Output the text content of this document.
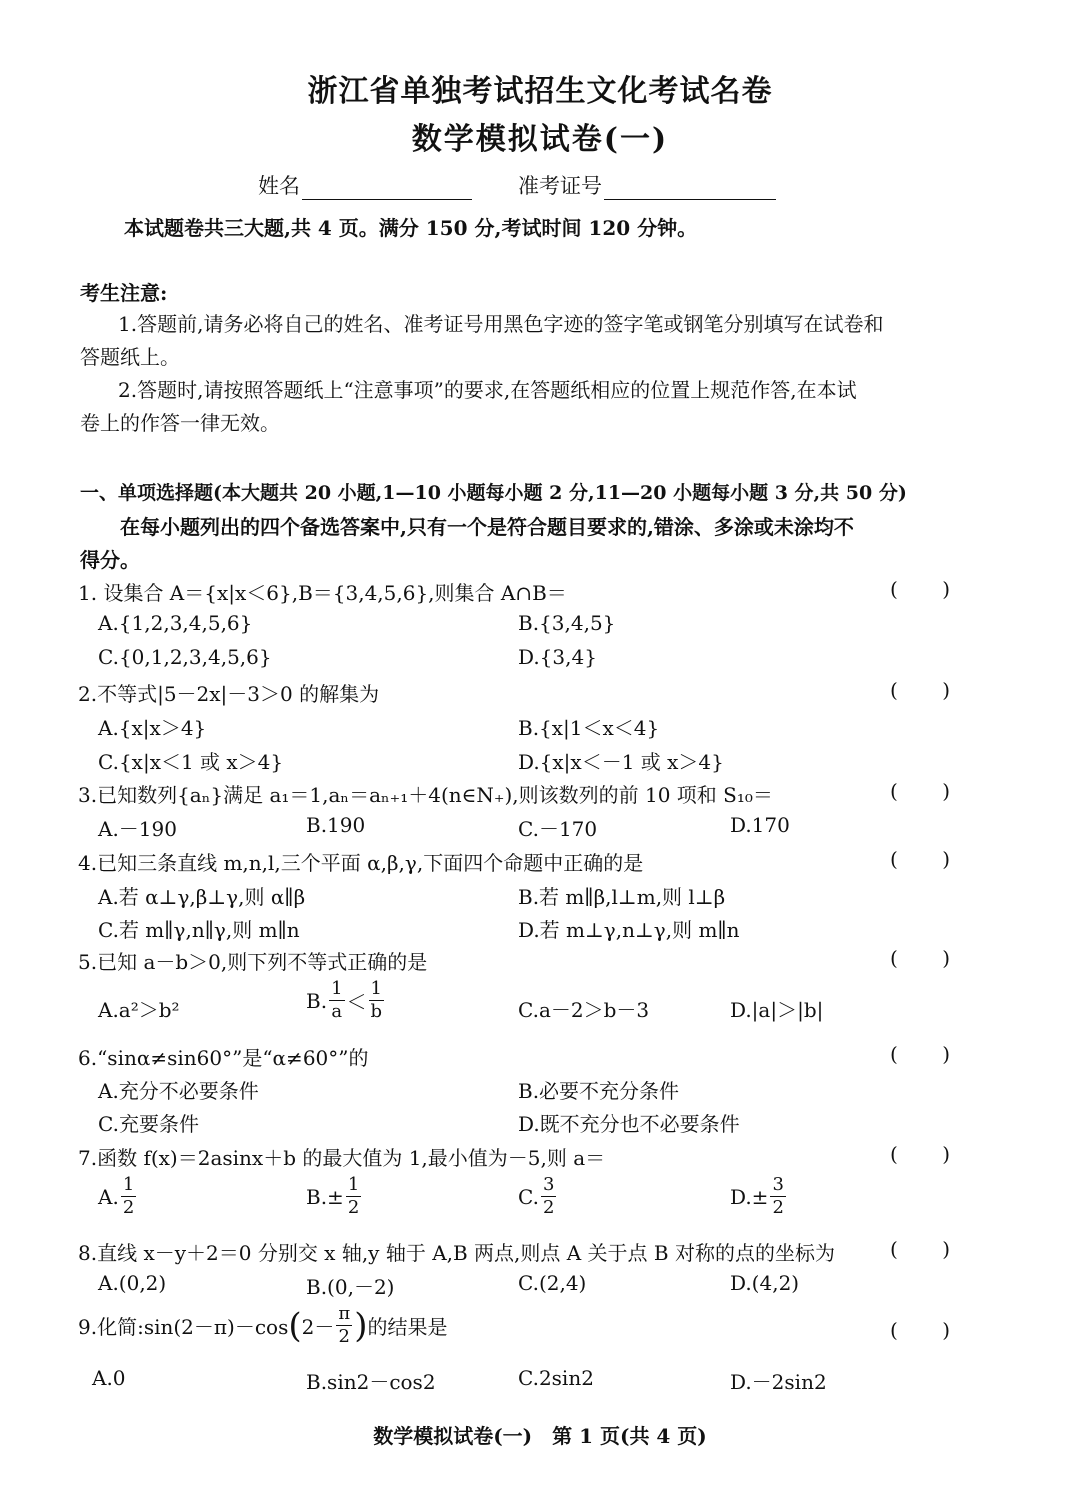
浙江省单独考试招生文化考试名卷
数学模拟试卷(一)
姓名	准考证号
本试题卷共三大题,共 4 页。满分 150 分,考试时间 120 分钟。
考生注意:
1.答题前,请务必将自己的姓名、准考证号用黑色字迹的签字笔或钢笔分别填写在试卷和
答题纸上。
2.答题时,请按照答题纸上“注意事项”的要求,在答题纸相应的位置上规范作答,在本试
卷上的作答一律无效。
一、单项选择题(本大题共 20 小题,1—10 小题每小题 2 分,11—20 小题每小题 3 分,共 50 分)
在每小题列出的四个备选答案中,只有一个是符合题目要求的,错涂、多涂或未涂均不
得分。
1. 设集合 A＝{x|x＜6},B＝{3,4,5,6},则集合 A∩B＝	( )
A.{1,2,3,4,5,6}	B.{3,4,5}
C.{0,1,2,3,4,5,6}	D.{3,4}
2.不等式|5－2x|－3＞0 的解集为	( )
A.{x|x＞4}	B.{x|1＜x＜4}
C.{x|x＜1 或 x＞4}	D.{x|x＜－1 或 x＞4}
3.已知数列{aₙ}满足 a₁＝1,aₙ＝aₙ₊₁＋4(n∈N₊),则该数列的前 10 项和 S₁₀＝	( )
A.－190	B.190	C.－170	D.170
4.已知三条直线 m,n,l,三个平面 α,β,γ,下面四个命题中正确的是	( )
A.若 α⊥γ,β⊥γ,则 α∥β	B.若 m∥β,l⊥m,则 l⊥β
C.若 m∥γ,n∥γ,则 m∥n	D.若 m⊥γ,n⊥γ,则 m∥n
5.已知 a－b＞0,则下列不等式正确的是	( )
A.a²＞b²	B. $\frac{1}{a} < \frac{1}{b}$	C.a－2＞b－3	D.|a|＞|b|
6.“sinα≠sin60°”是“α≠60°”的	( )
A.充分不必要条件	B.必要不充分条件
C.充要条件	D.既不充分也不必要条件
7.函数 f(x)＝2asinx＋b 的最大值为 1,最小值为－5,则 a＝	( )
A. $\frac{1}{2}$	$B.\pm \frac{1}{2}$	C. $\frac{3}{2}$	$D.\pm \frac{3}{2}$
8.直线 x－y＋2＝0 分别交 x 轴,y 轴于 A,B 两点,则点 A 关于点 B 对称的点的坐标为	( )
A.(0,2)	B.(0,－2)	C.(2,4)	D.(4,2)
9.化简:sin(2－π)－cos ( $2- \frac{\pi}{2}$ ) 的结果是	( )
A.0	B.sin2－cos2	C.2sin2	D.－2sin2
数学模拟试卷(一)　第 1 页(共 4 页)
